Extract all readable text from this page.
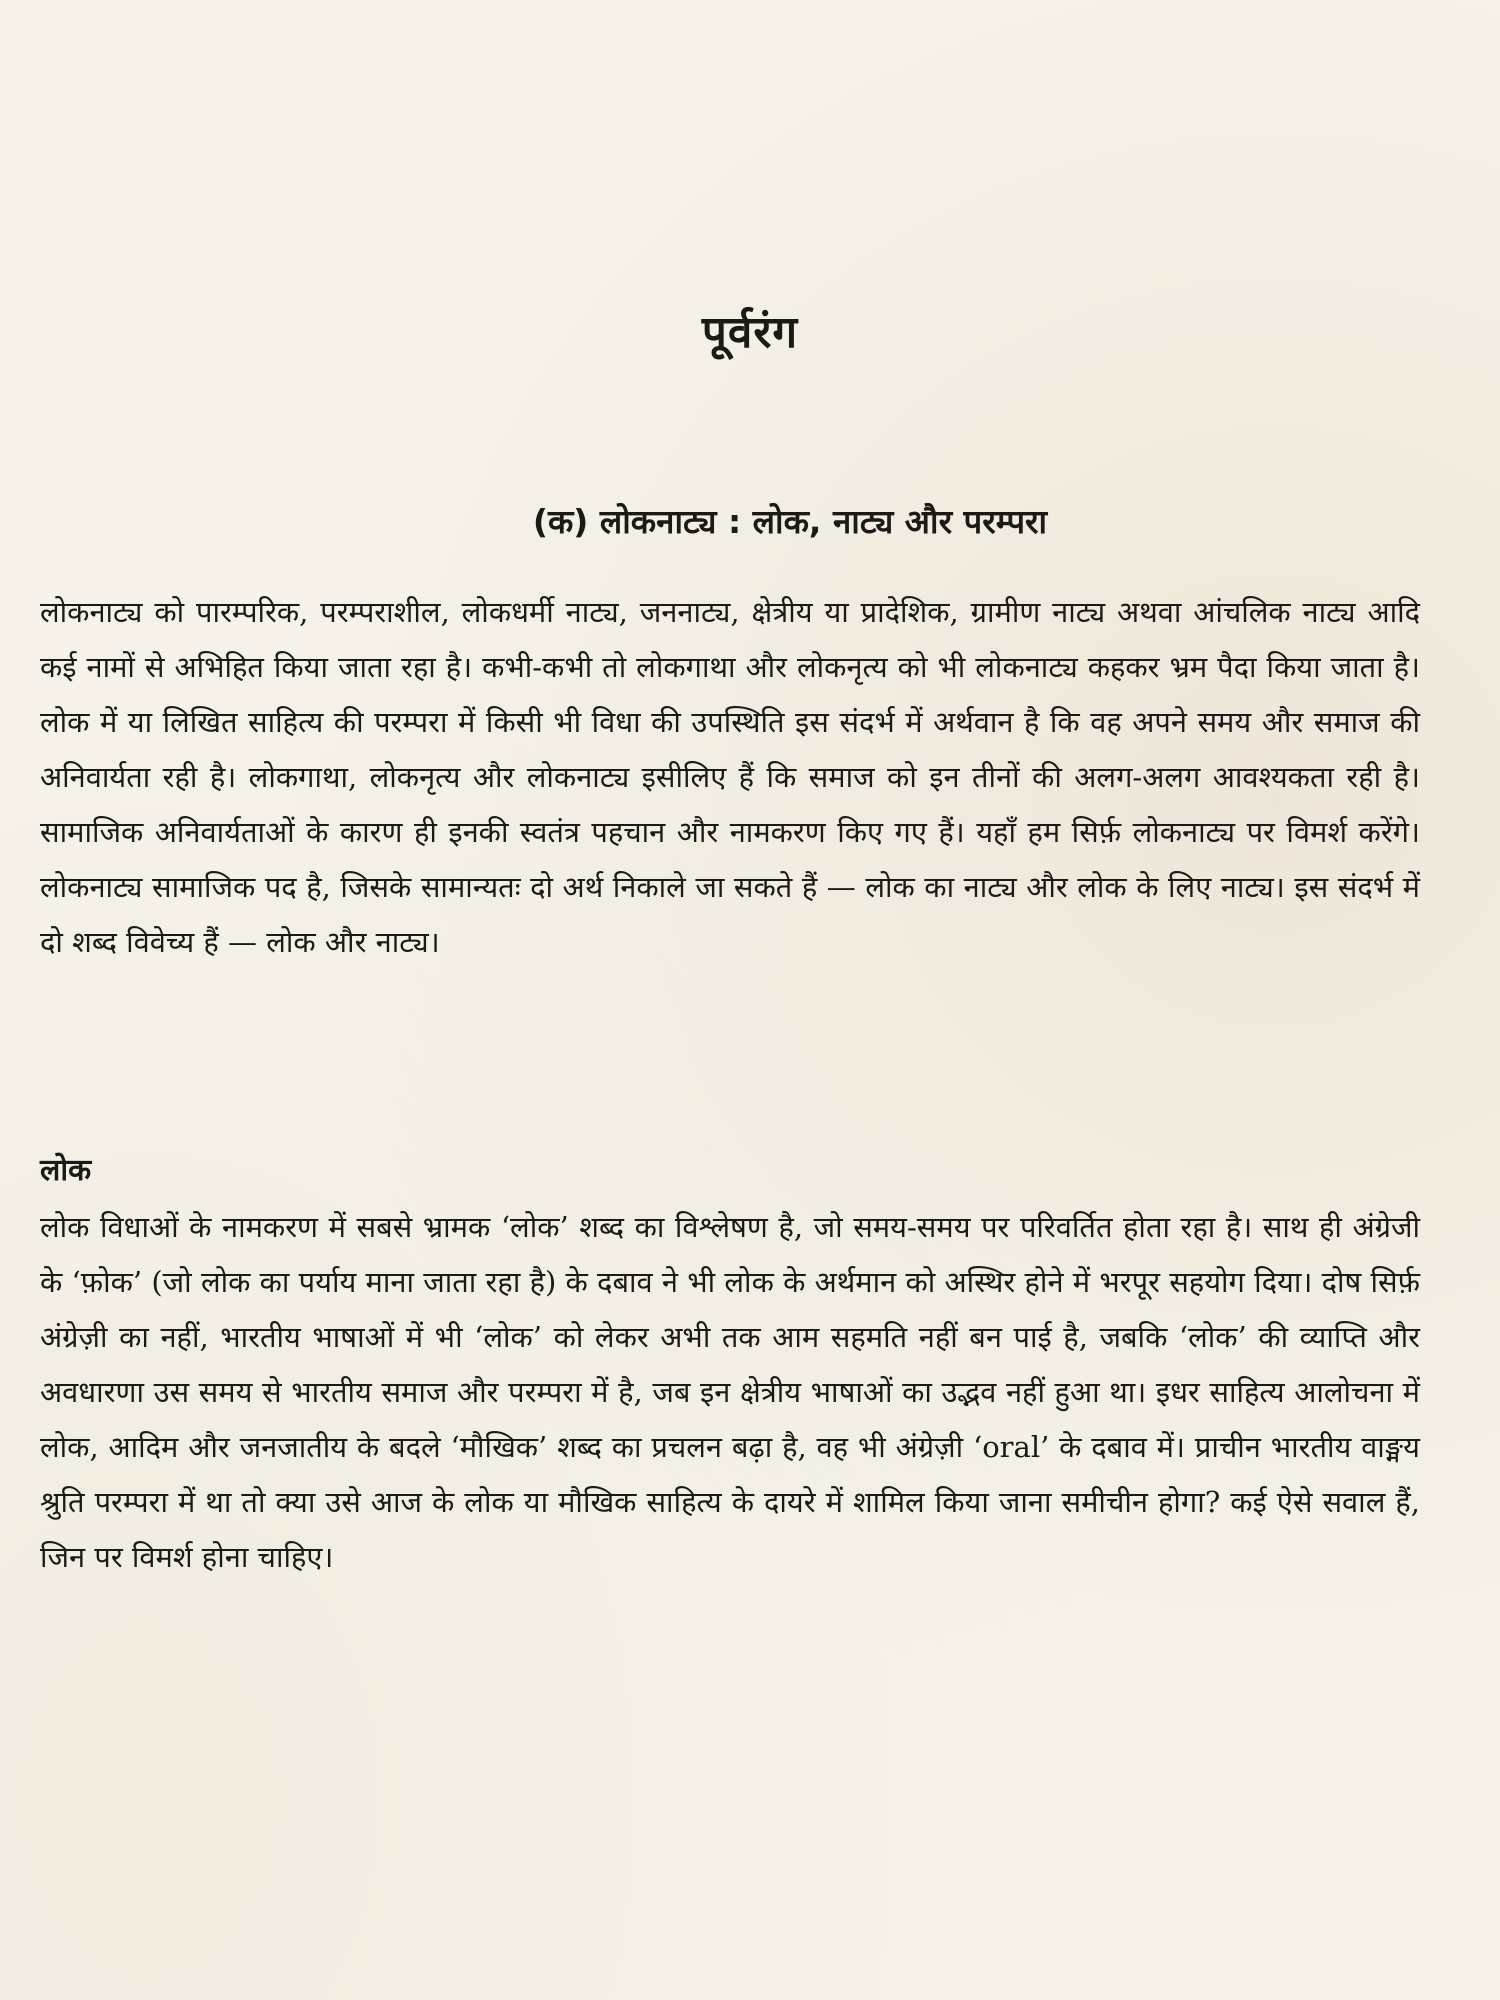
पूर्वरंग
(क) लोकनाट्य : लोक, नाट्य और परम्परा

लोकनाट्य को पारम्परिक, परम्पराशील, लोकधर्मी नाट्य, जननाट्य, क्षेत्रीय या प्रादेशिक, ग्रामीण नाट्य अथवा आंचलिक नाट्य आदि कई नामों से अभिहित किया जाता रहा है। कभी-कभी तो लोकगाथा और लोकनृत्य को भी लोकनाट्य कहकर भ्रम पैदा किया जाता है। लोक में या लिखित साहित्य की परम्परा में किसी भी विधा की उपस्थिति इस संदर्भ में अर्थवान है कि वह अपने समय और समाज की अनिवार्यता रही है। लोकगाथा, लोकनृत्य और लोकनाट्य इसीलिए हैं कि समाज को इन तीनों की अलग-अलग आवश्यकता रही है। सामाजिक अनिवार्यताओं के कारण ही इनकी स्वतंत्र पहचान और नामकरण किए गए हैं। यहाँ हम सिर्फ़ लोकनाट्य पर विमर्श करेंगे। लोकनाट्य सामाजिक पद है, जिसके सामान्यतः दो अर्थ निकाले जा सकते हैं — लोक का नाट्य और लोक के लिए नाट्य। इस संदर्भ में दो शब्द विवेच्य हैं — लोक और नाट्य।

लोक

लोक विधाओं के नामकरण में सबसे भ्रामक ‘लोक’ शब्द का विश्लेषण है, जो समय-समय पर परिवर्तित होता रहा है। साथ ही अंग्रेजी के ‘फ़ोक’ (जो लोक का पर्याय माना जाता रहा है) के दबाव ने भी लोक के अर्थमान को अस्थिर होने में भरपूर सहयोग दिया। दोष सिर्फ़ अंग्रेज़ी का नहीं, भारतीय भाषाओं में भी ‘लोक’ को लेकर अभी तक आम सहमति नहीं बन पाई है, जबकि ‘लोक’ की व्याप्ति और अवधारणा उस समय से भारतीय समाज और परम्परा में है, जब इन क्षेत्रीय भाषाओं का उद्भव नहीं हुआ था। इधर साहित्य आलोचना में लोक, आदिम और जनजातीय के बदले ‘मौखिक’ शब्द का प्रचलन बढ़ा है, वह भी अंग्रेज़ी ‘oral’ के दबाव में। प्राचीन भारतीय वाङ्मय श्रुति परम्परा में था तो क्या उसे आज के लोक या मौखिक साहित्य के दायरे में शामिल किया जाना समीचीन होगा? कई ऐसे सवाल हैं, जिन पर विमर्श होना चाहिए।
